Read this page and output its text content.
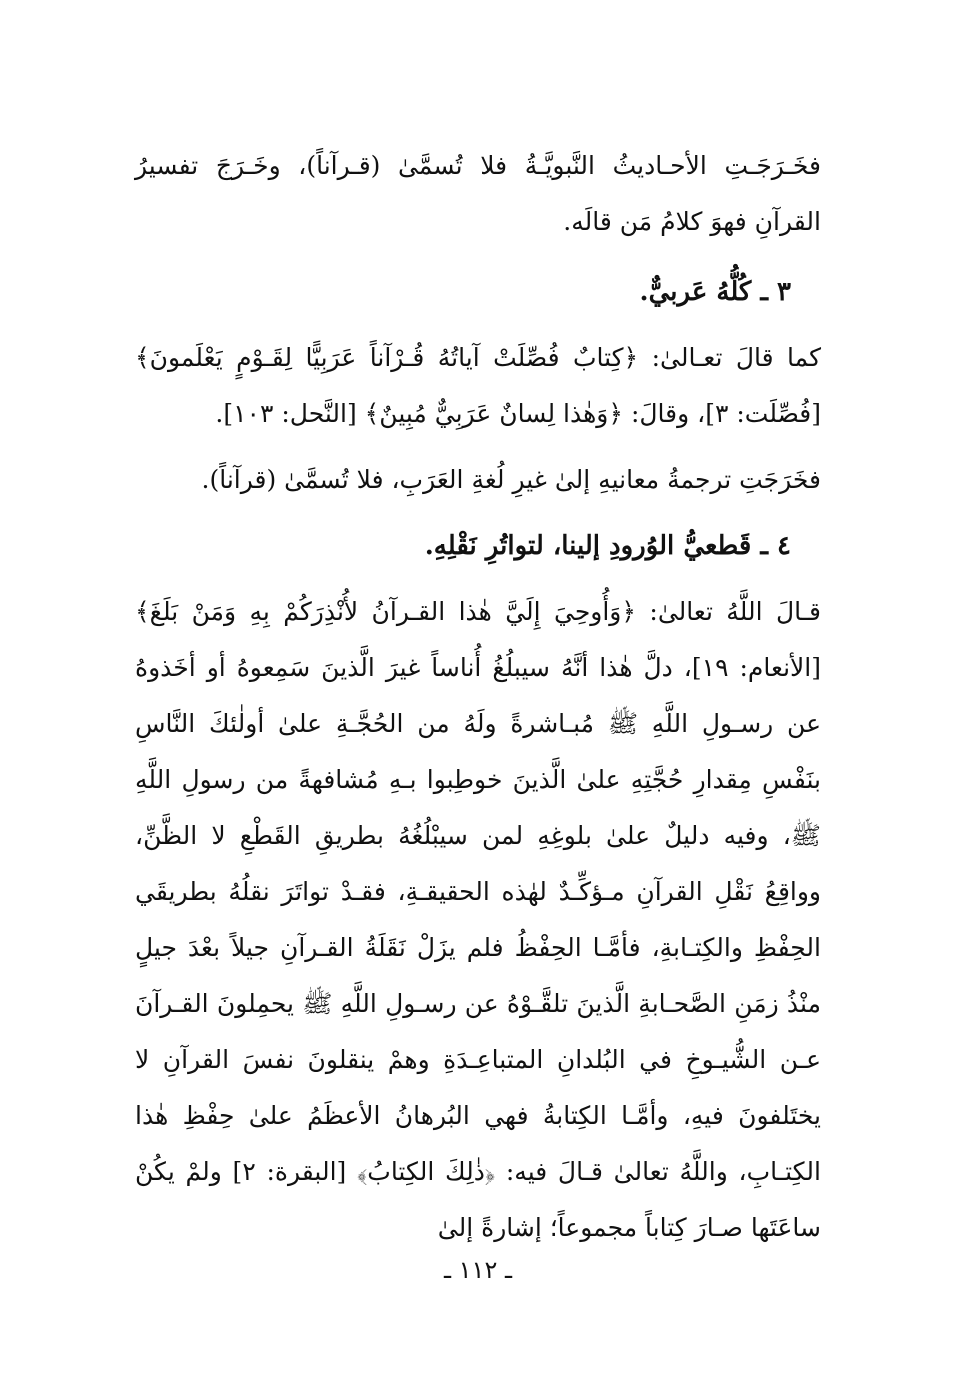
فخَـرَجَـتِ الأحـاديثُ النَّبويَّـةُ فلا تُسمَّىٰ (قـرآناً)، وخَـرَجَ تفسيرُ القرآنِ فهوَ كلامُ مَن قالَه.

٣ ـ كُلُّهُ عَربيٌّ.

كما قالَ تعـالىٰ: ﴿كِتابٌ فُصِّلَتْ آياتُهُ قُـرْآناً عَرَبِيًّا لِقَـوْمٍ يَعْلَمونَ﴾ [فُصِّلَت: ٣]، وقالَ: ﴿وَهٰذا لِسانٌ عَرَبِيٌّ مُبِينٌ﴾ [النَّحل: ١٠٣].

فخَرَجَتِ ترجمةُ معانيهِ إلىٰ غيرِ لُغةِ العَرَبِ، فلا تُسمَّىٰ (قرآناً).

٤ ـ قَطعيُّ الوُرودِ إلينا، لتواتُرِ نَقْلِهِ.

قـالَ اللَّهُ تعالىٰ: ﴿وَأُوحِيَ إِلَيَّ هٰذا القـرآنُ لأُنْذِرَكُمْ بِهِ وَمَنْ بَلَغَ﴾ [الأنعام: ١٩]، دلَّ هٰذا أنَّهُ سيبلُغُ أُناساً غيرَ الَّذينَ سَمِعوهُ أو أخَذوهُ عن رسـولِ اللَّهِ ﷺ مُبـاشرةً ولَهُ من الحُجَّـةِ علىٰ أولٰئكَ النَّاسِ بنَفْسِ مِقدارِ حُجَّتِهِ علىٰ الَّذينَ خوطِبوا بـهِ مُشافهةً من رسولِ اللَّهِ ﷺ، وفيه دليلٌ علىٰ بلوغِهِ لمن سيبْلُغُهُ بطريقِ القَطْعِ لا الظَّنِّ، وواقِعُ نَقْلِ القرآنِ مـؤكِّـدٌ لهٰذه الحقيقـةِ، فقـدْ تواتَرَ نقلُهُ بطريقَي الحِفْظِ والكِتـابةِ، فأمَّـا الحِفْظُ فلم يزَلْ نَقَلَةُ القـرآنِ جيلاً بعْدَ جيلٍ منْذُ زمَنِ الصَّحـابةِ الَّذينَ تلقَّـوْهُ عن رسـولِ اللَّهِ ﷺ يحمِلونَ القـرآنَ عـن الشُّيـوخِ في البُلدانِ المتباعِـدَةِ وهمْ ينقلونَ نفسَ القرآنِ لا يختَلفونَ فيهِ، وأمَّـا الكِتابةُ فهي البُرهانُ الأعظَمُ علىٰ حِفْظِ هٰذا الكِتـابِ، واللَّهُ تعالىٰ قـالَ فيه: ﴿ذٰلِكَ الكِتابُ﴾ [البقرة: ٢] ولمْ يكُنْ ساعَتَها صـارَ كِتاباً مجموعاً؛ إشارةً إلىٰ

ـ ١١٢ ـ
